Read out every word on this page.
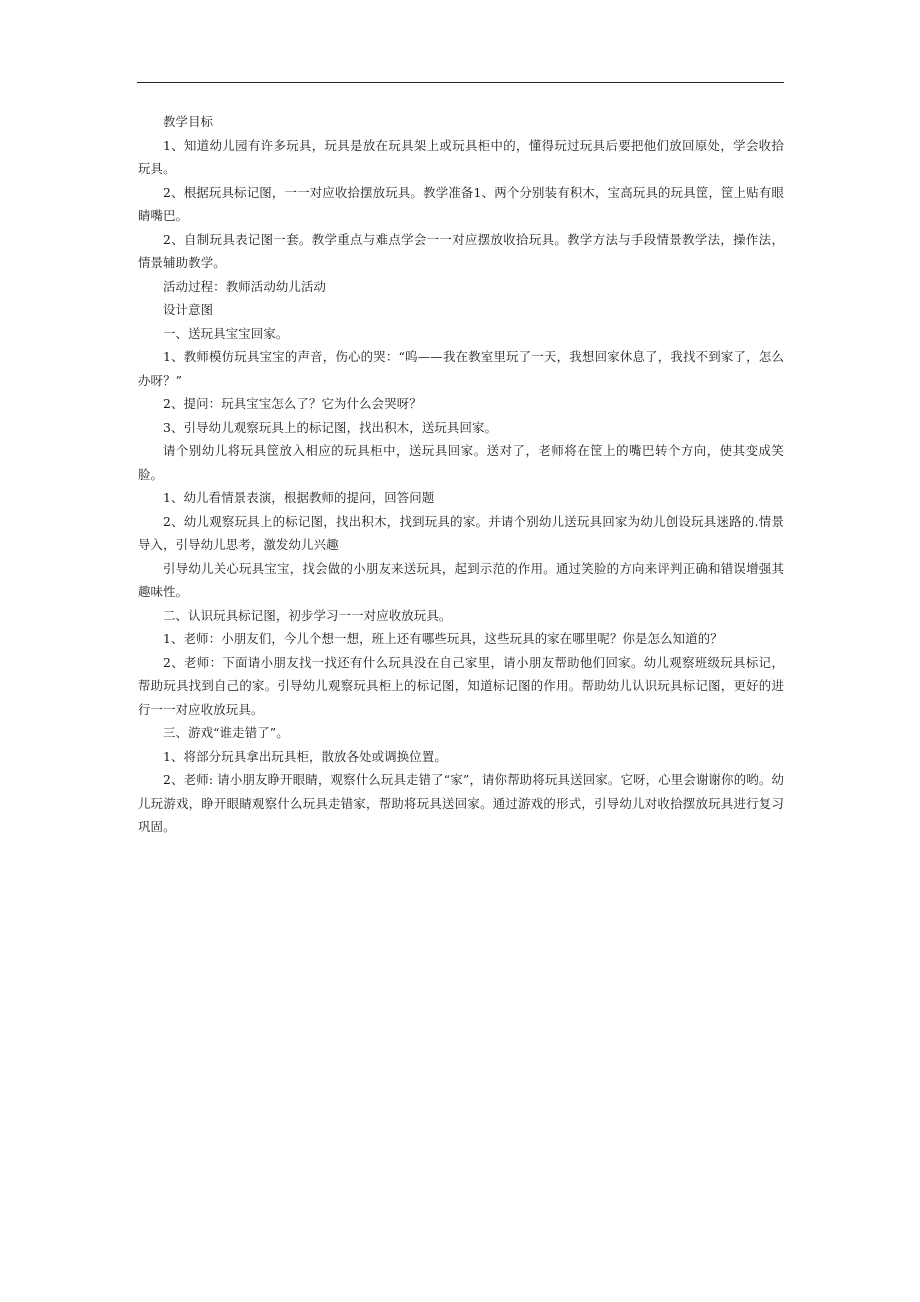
教学目标

1、知道幼儿园有许多玩具，玩具是放在玩具架上或玩具柜中的，懂得玩过玩具后要把他们放回原处，学会收拾玩具。

2、根据玩具标记图，一一对应收拾摆放玩具。教学准备1、两个分别装有积木，宝高玩具的玩具筐，筐上贴有眼睛嘴巴。

2、自制玩具表记图一套。教学重点与难点学会一一对应摆放收拾玩具。教学方法与手段情景教学法，操作法，情景辅助教学。

活动过程：教师活动幼儿活动

设计意图

一、送玩具宝宝回家。

1、教师模仿玩具宝宝的声音，伤心的哭：“呜——我在教室里玩了一天，我想回家休息了，我找不到家了，怎么办呀？”

2、提问：玩具宝宝怎么了？它为什么会哭呀？

3、引导幼儿观察玩具上的标记图，找出积木，送玩具回家。

请个别幼儿将玩具筐放入相应的玩具柜中，送玩具回家。送对了，老师将在筐上的嘴巴转个方向，使其变成笑脸。

1、幼儿看情景表演，根据教师的提问，回答问题

2、幼儿观察玩具上的标记图，找出积木，找到玩具的家。并请个别幼儿送玩具回家为幼儿创设玩具迷路的.情景导入，引导幼儿思考，激发幼儿兴趣

引导幼儿关心玩具宝宝，找会做的小朋友来送玩具，起到示范的作用。通过笑脸的方向来评判正确和错误增强其趣味性。

二、认识玩具标记图，初步学习一一对应收放玩具。

1、老师：小朋友们，今儿个想一想，班上还有哪些玩具，这些玩具的家在哪里呢？你是怎么知道的？

2、老师：下面请小朋友找一找还有什么玩具没在自己家里，请小朋友帮助他们回家。幼儿观察班级玩具标记，帮助玩具找到自己的家。引导幼儿观察玩具柜上的标记图，知道标记图的作用。帮助幼儿认识玩具标记图，更好的进行一一对应收放玩具。

三、游戏“谁走错了”。

1、将部分玩具拿出玩具柜，散放各处或调换位置。

2、老师: 请小朋友睁开眼睛，观察什么玩具走错了“家”，请你帮助将玩具送回家。它呀，心里会谢谢你的哟。幼儿玩游戏，睁开眼睛观察什么玩具走错家，帮助将玩具送回家。通过游戏的形式，引导幼儿对收拾摆放玩具进行复习巩固。
